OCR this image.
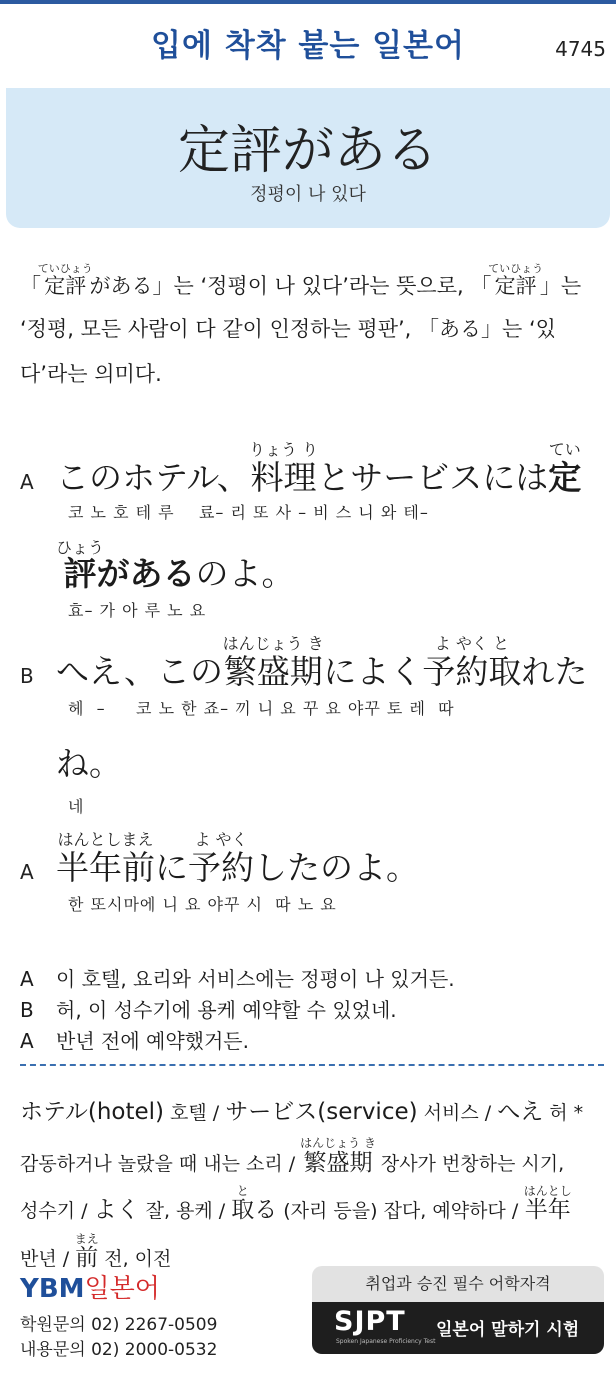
입에 착착 붙는 일본어	4745
定評がある
정평이 나 있다
「定評ていひょうがある」는 ‘정평이 나 있다’라는 뜻으로, 「定評ていひょう」는
‘정평, 모든 사람이 다 같이 인정하는 평판’, 「ある」는 ‘있
다’라는 의미다.
A このホテル、料理りょう りとサービスには定てい
코 노 호 테 루    료– 리 또 사 – 비 스 니 와 테–
評ひょうがあるのよ。
효– 가 아 루 노 요
B へえ、この繁盛期はんじょう きによく予約取よ やく とれた
헤  –     코 노 한 죠– 끼 니 요 꾸 요 야꾸 토 레  따
ね。
네
A 半年前はんとしまえに予約よ やくしたのよ。
한 또시마에 니 요 야꾸 시  따 노 요
A	이 호텔, 요리와 서비스에는 정평이 나 있거든.
B	허, 이 성수기에 용케 예약할 수 있었네.
A	반년 전에 예약했거든.
ホテル(hotel) 호텔 / サービス(service) 서비스 / へえ 허 *
감동하거나 놀랐을 때 내는 소리 / 繁盛期はんじょう き 장사가 번창하는 시기,
성수기 / よく 잘, 용케 / 取とる (자리 등을) 잡다, 예약하다 / 半年はんとし
반년 / 前まえ 전, 이전
YBM일본어
학원문의 02) 2267-0509
내용문의 02) 2000-0532
취업과 승진 필수 어학자격
SJPT
Spoken Japanese Proficiency Test
일본어 말하기 시험
